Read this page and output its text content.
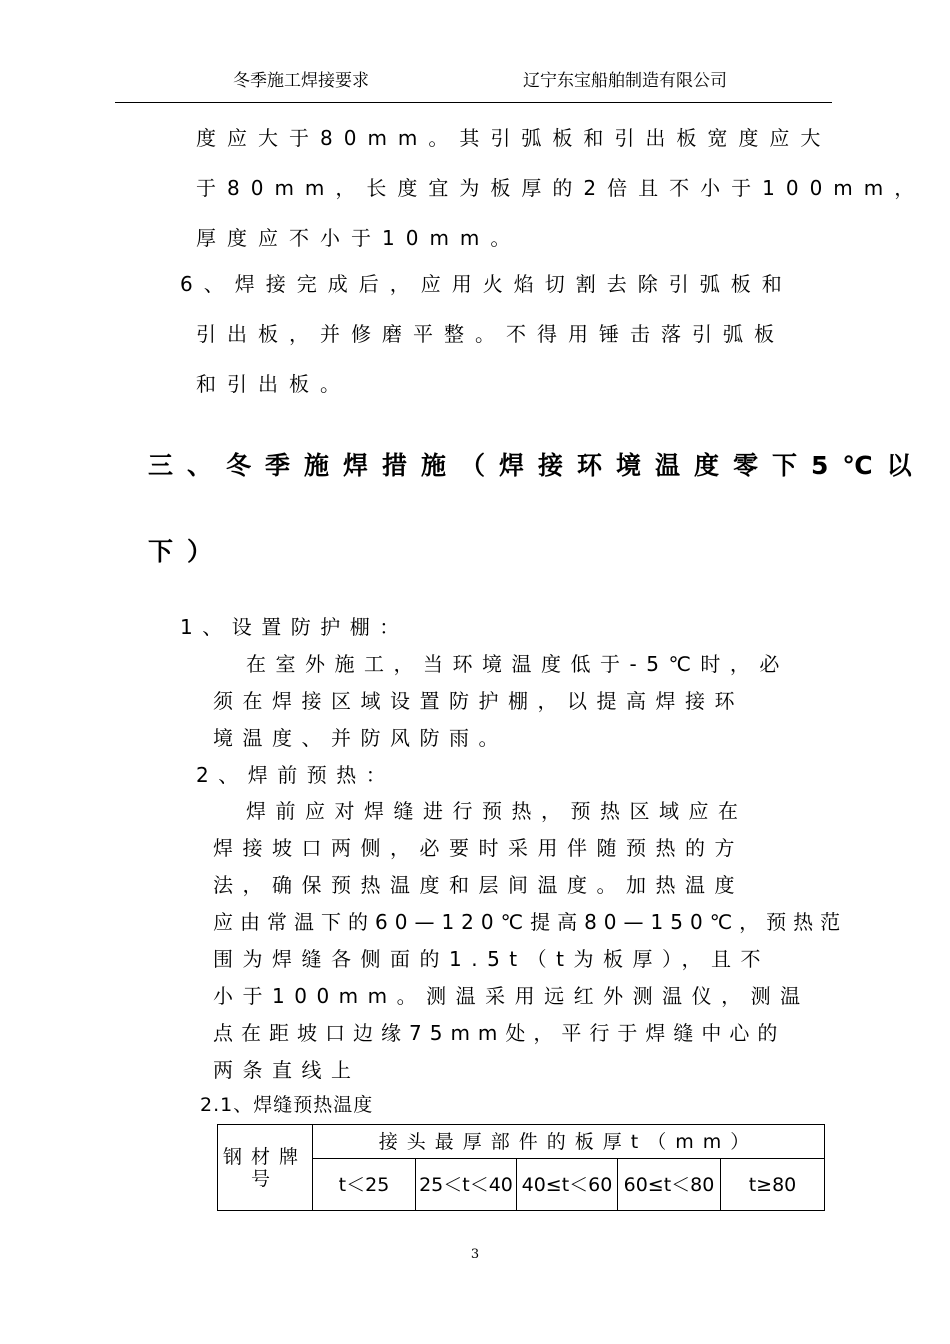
冬季施工焊接要求	辽宁东宝船舶制造有限公司
度应大于80mm。其引弧板和引出板宽度应大
于80mm，长度宜为板厚的2倍且不小于100mm，
厚度应不小于10mm。
6、焊接完成后，应用火焰切割去除引弧板和
引出板，并修磨平整。不得用锤击落引弧板
和引出板。
三、冬季施焊措施（焊接环境温度零下5℃以
下）
1、设置防护棚：
在室外施工，当环境温度低于-5℃时，必
须在焊接区域设置防护棚，以提高焊接环
境温度、并防风防雨。
2、焊前预热：
焊前应对焊缝进行预热，预热区域应在
焊接坡口两侧，必要时采用伴随预热的方
法，确保预热温度和层间温度。加热温度
应由常温下的60—120℃提高80—150℃，预热范
围为焊缝各侧面的1.5t（t为板厚），且不
小于100mm。测温采用远红外测温仪，测温
点在距坡口边缘75mm处，平行于焊缝中心的
两条直线上
2.1、焊缝预热温度
钢材牌号	接头最厚部件的板厚t（mm）				
	t＜25	25＜t＜40	40≤t＜60	60≤t＜80	t≥80
3
